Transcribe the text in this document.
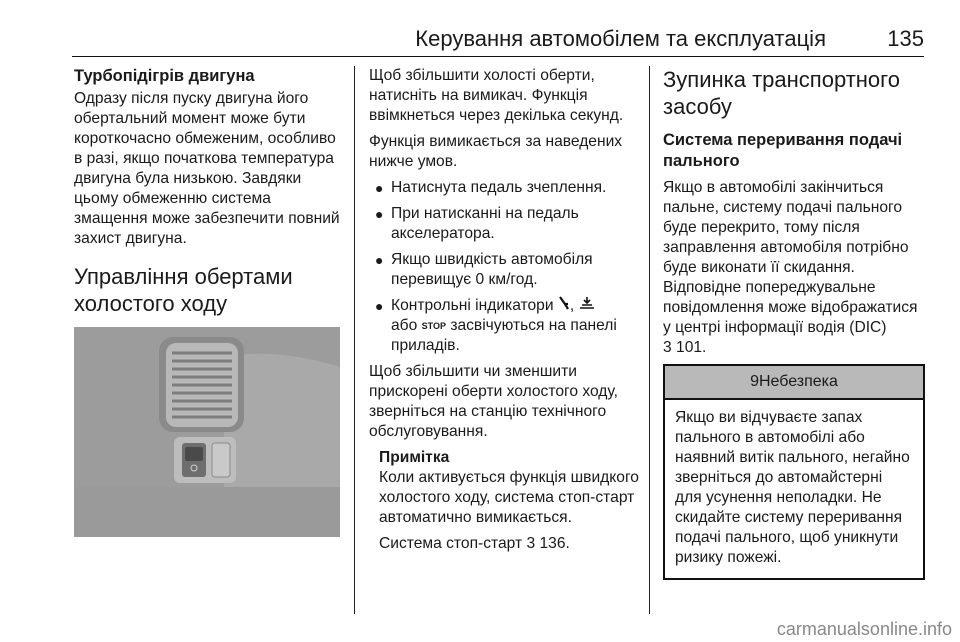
Керування автомобілем та експлуатація	135
Турбопідігрів двигуна

Одразу після пуску двигуна його обертальний момент може бути короткочасно обмеженим, особливо в разі, якщо початкова температура двигуна була низькою. Завдяки цьому обмеженню система змащення може забезпечити повний захист двигуна.

Управління обертами
холостого ходу

Щоб збільшити холості оберти, натисніть на вимикач. Функція ввімкнеться через декілька секунд.

Функція вимикається за наведених нижче умов.

● Натиснута педаль зчеплення.
● При натисканні на педаль акселератора.
● Якщо швидкість автомобіля перевищує 0 км/год.
● Контрольні індикатори ,
або STOP засвічуються на панелі приладів.

Щоб збільшити чи зменшити прискорені оберти холостого ходу, зверніться на станцію технічного обслуговування.

Примітка
Коли активується функція швидкого холостого ходу, система стоп-старт автоматично вимикається.
Система стоп-старт 3 136.
Зупинка транспортного
засобу
Система переривання подачі пального

Якщо в автомобілі закінчиться пальне, систему подачі пального буде перекрито, тому після заправлення автомобіля потрібно буде виконати її скидання. Відповідне попереджувальне повідомлення може відображатися у центрі інформації водія (DIC)
3 101.

9Небезпека
Якщо ви відчуваєте запах пального в автомобілі або наявний витік пального, негайно зверніться до автомайстерні для усунення неполадки. Не скидайте систему переривання подачі пального, щоб уникнути ризику пожежі.
carmanualsonline.info
